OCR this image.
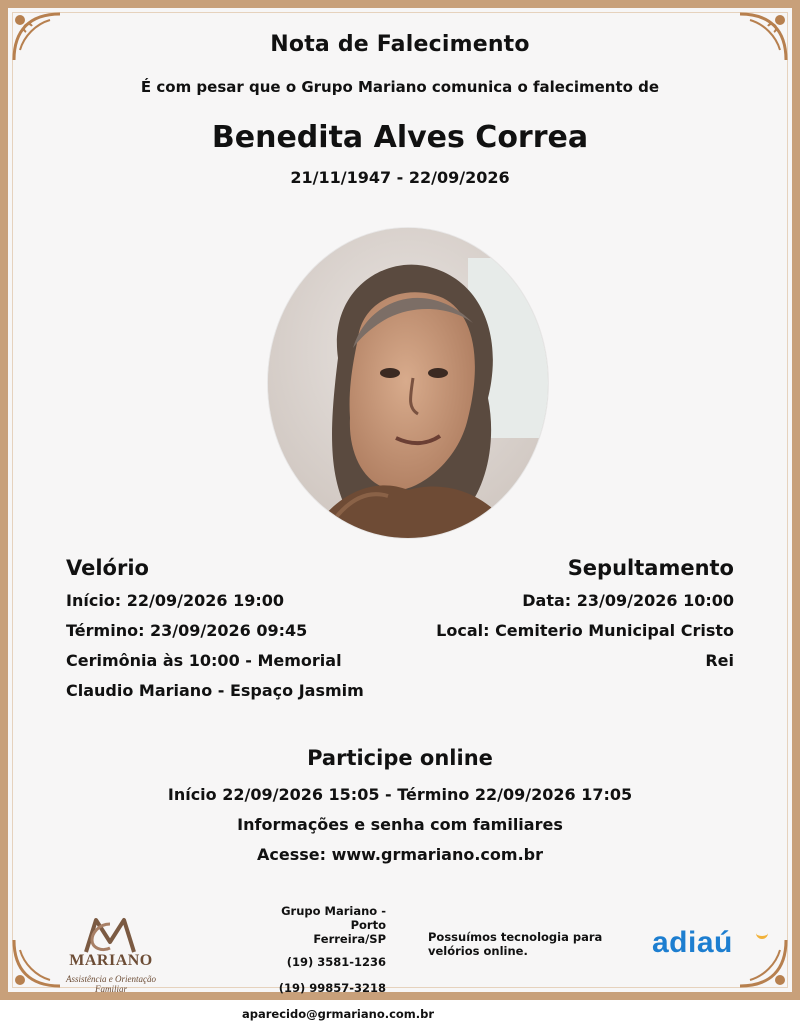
Nota de Falecimento
É com pesar que o Grupo Mariano comunica o falecimento de
Benedita Alves Correa
21/11/1947 - 22/09/2026
Velório
Início: 22/09/2026 19:00
Término: 23/09/2026 09:45
Cerimônia às 10:00 - Memorial
Claudio Mariano - Espaço Jasmim
Sepultamento
Data: 23/09/2026 10:00
Local: Cemiterio Municipal Cristo
Rei
Participe online
Início 22/09/2026 15:05 - Término 22/09/2026 17:05
Informações e senha com familiares
Acesse: www.grmariano.com.br
MARIANO
Assistência e Orientação Familiar
Grupo Mariano - Porto
Ferreira/SP
(19) 3581-1236
(19) 99857-3218
aparecido@grmariano.com.br
Possuímos tecnologia para
velórios online.	adiaú
